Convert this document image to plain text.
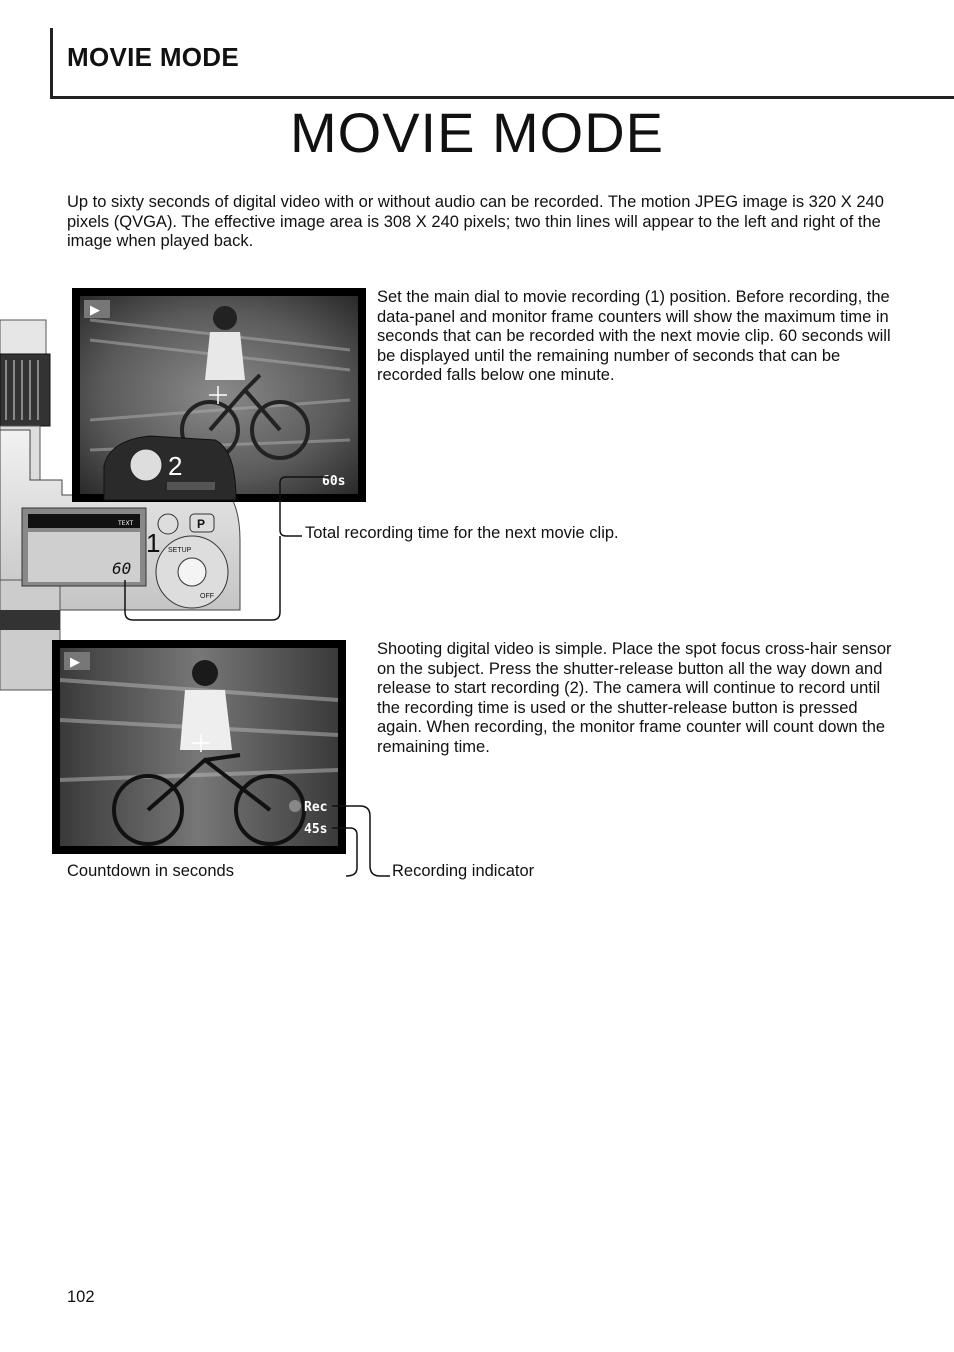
MOVIE MODE
MOVIE MODE
Up to sixty seconds of digital video with or without audio can be recorded. The motion JPEG image is 320 X 240 pixels (QVGA). The effective image area is 308 X 240 pixels; two thin lines will appear to the left and right of the image when played back.
▶
60s
2
TEXT
60
P
SETUP
OFF
1
▶
Rec
45s
Set the main dial to movie recording (1) position. Before recording, the data-panel and monitor frame counters will show the maximum time in seconds that can be recorded with the next movie clip. 60 seconds will be displayed until the remaining number of seconds that can be recorded falls below one minute.
Shooting digital video is simple. Place the spot focus cross-hair sensor on the subject. Press the shutter-release button all the way down and release to start recording (2). The camera will continue to record until the recording time is used or the shutter-release button is pressed again. When recording, the monitor frame counter will count down the remaining time.
Total recording time for the next movie clip.
Countdown in seconds	Recording indicator
102
